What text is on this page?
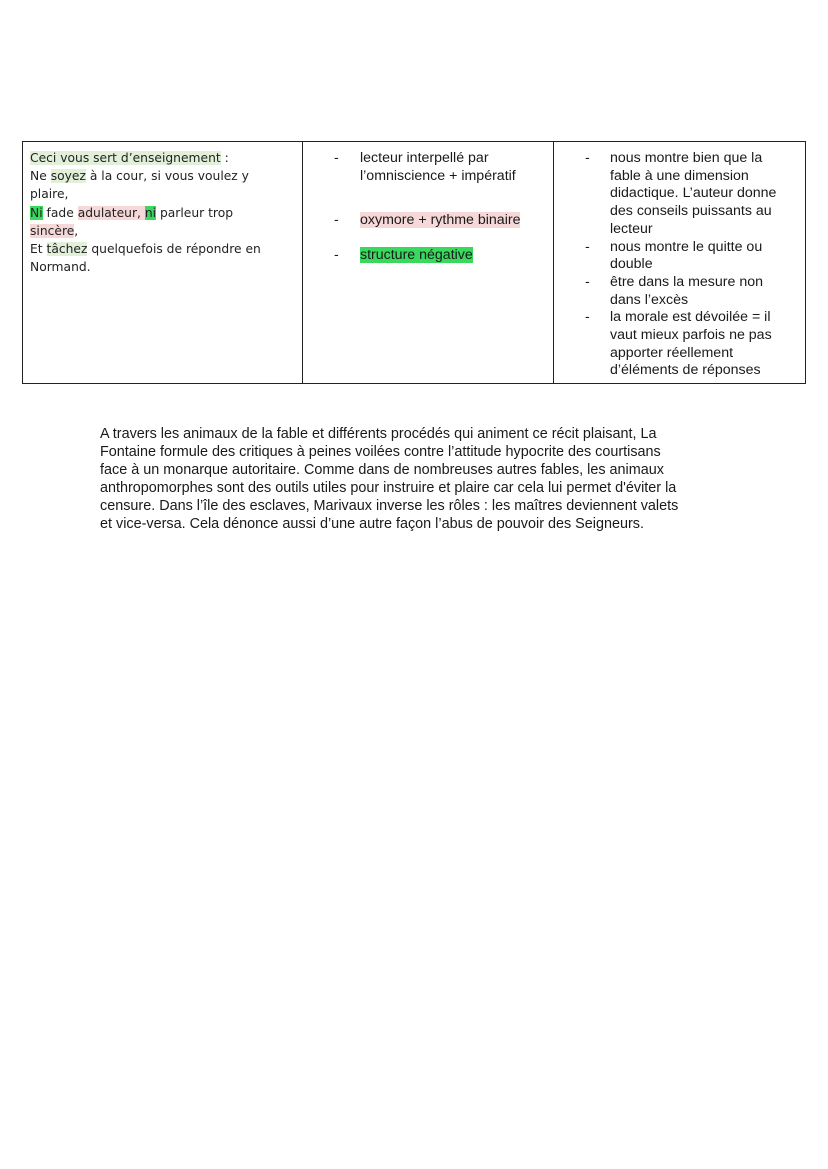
Ceci vous sert d’enseignement :
Ne soyez à la cour, si vous voulez y
plaire,
Ni fade adulateur, ni parleur trop
sincère,
Et tâchez quelquefois de répondre en
Normand.

- lecteur interpellé par
l’omniscience + impératif
- oxymore + rythme binaire
- structure négative

- nous montre bien que la
fable à une dimension
didactique. L’auteur donne
des conseils puissants au
lecteur
- nous montre le quitte ou
double
- être dans la mesure non
dans l’excès
- la morale est dévoilée = il
vaut mieux parfois ne pas
apporter réellement
d’éléments de réponses

A travers les animaux de la fable et différents procédés qui animent ce récit plaisant, La
Fontaine formule des critiques à peines voilées contre l’attitude hypocrite des courtisans
face à un monarque autoritaire. Comme dans de nombreuses autres fables, les animaux
anthropomorphes sont des outils utiles pour instruire et plaire car cela lui permet d'éviter la
censure. Dans l’île des esclaves, Marivaux inverse les rôles : les maîtres deviennent valets
et vice-versa. Cela dénonce aussi d’une autre façon l’abus de pouvoir des Seigneurs.
